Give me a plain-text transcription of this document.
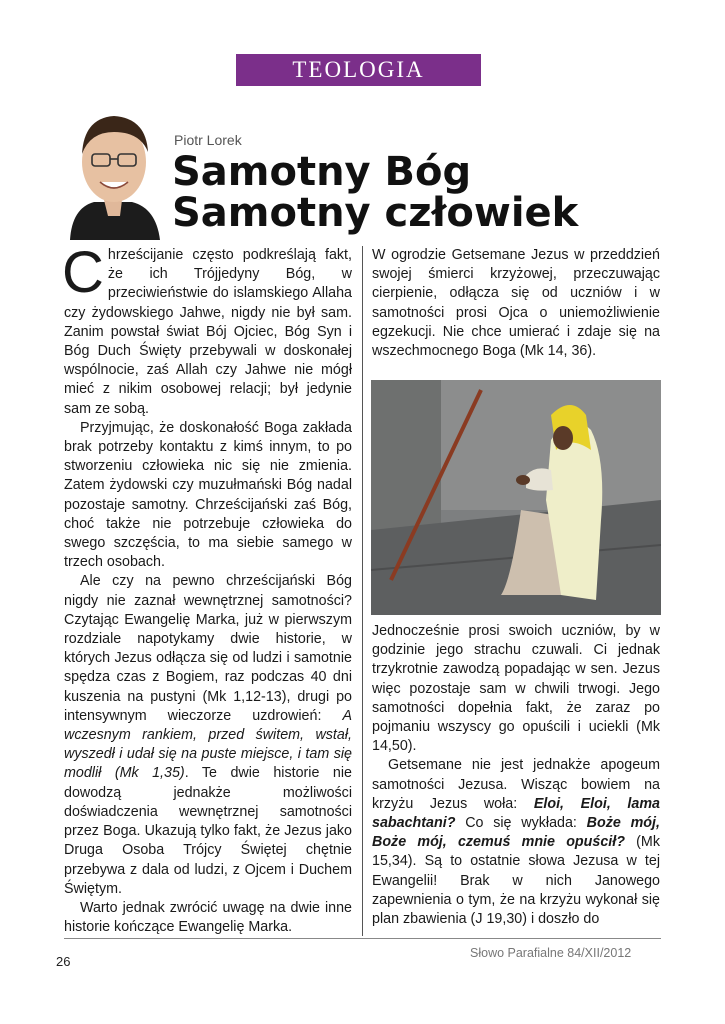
TEOLOGIA
Piotr Lorek
Samotny Bóg
Samotny człowiek

Chrześcijanie często podkreślają fakt, że ich Trójjedyny Bóg, w przeciwieństwie do islamskiego Allaha czy żydowskiego Jahwe, nigdy nie był sam. Zanim powstał świat Bój Ojciec, Bóg Syn i Bóg Duch Święty przebywali w doskonałej wspólnocie, zaś Allah czy Jahwe nie mógł mieć z nikim osobowej relacji; był jedynie sam ze sobą.

Przyjmując, że doskonałość Boga zakłada brak potrzeby kontaktu z kimś innym, to po stworzeniu człowieka nic się nie zmienia. Zatem żydowski czy muzułmański Bóg nadal pozostaje samotny. Chrześcijański zaś Bóg, choć także nie potrzebuje człowieka do swego szczęścia, to ma siebie samego w trzech osobach.

Ale czy na pewno chrześcijański Bóg nigdy nie zaznał wewnętrznej samotności? Czytając Ewangelię Marka, już w pierwszym rozdziale napotykamy dwie historie, w których Jezus odłącza się od ludzi i samotnie spędza czas z Bogiem, raz podczas 40 dni kuszenia na pustyni (Mk 1,12-13), drugi po intensywnym wieczorze uzdrowień: A wczesnym rankiem, przed świtem, wstał, wyszedł i udał się na puste miejsce, i tam się modlił (Mk 1,35). Te dwie historie nie dowodzą jednakże możliwości doświadczenia wewnętrznej samotności przez Boga. Ukazują tylko fakt, że Jezus jako Druga Osoba Trójcy Świętej chętnie przebywa z dala od ludzi, z Ojcem i Duchem Świętym.

Warto jednak zwrócić uwagę na dwie inne historie kończące Ewangelię Marka.

W ogrodzie Getsemane Jezus w przeddzień swojej śmierci krzyżowej, przeczuwając cierpienie, odłącza się od uczniów i w samotności prosi Ojca o uniemożliwienie egzekucji. Nie chce umierać i zdaje się na wszechmocnego Boga (Mk 14, 36).

Jednocześnie prosi swoich uczniów, by w godzinie jego strachu czuwali. Ci jednak trzykrotnie zawodzą popadając w sen. Jezus więc pozostaje sam w chwili trwogi. Jego samotności dopełnia fakt, że zaraz po pojmaniu wszyscy go opuścili i uciekli (Mk 14,50).

Getsemane nie jest jednakże apogeum samotności Jezusa. Wisząc bowiem na krzyżu Jezus woła: Eloi, Eloi, lama sabachtani? Co się wykłada: Boże mój, Boże mój, czemuś mnie opuścił? (Mk 15,34). Są to ostatnie słowa Jezusa w tej Ewangelii! Brak w nich Janowego zapewnienia o tym, że na krzyżu wykonał się plan zbawienia (J 19,30) i doszło do

Słowo Parafialne 84/XII/2012
26
